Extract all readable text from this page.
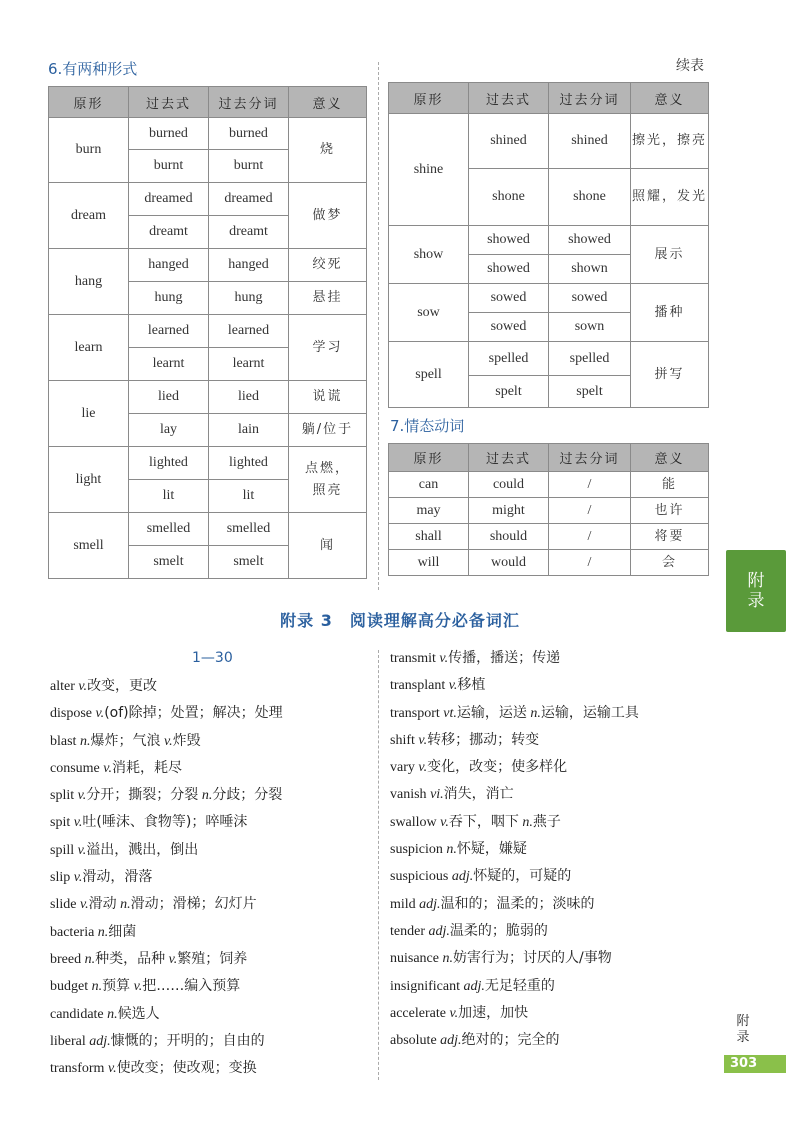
6.有两种形式	续表
原形	过去式	过去分词	意义
burn	burned	burned	烧
	burnt	burnt	
dream	dreamed	dreamed	做梦
	dreamt	dreamt	
hang	hanged	hanged	绞死
	hung	hung	悬挂
learn	learned	learned	学习
	learnt	learnt	
lie	lied	lied	说谎
	lay	lain	躺/位于
light	lighted	lighted	点燃，照亮
	lit	lit	
smell	smelled	smelled	闻
	smelt	smelt	
原形	过去式	过去分词	意义
shine	shined	shined	擦光，擦亮
	shone	shone	照耀，发光
show	showed	showed	展示
	showed	shown	
sow	sowed	sowed	播种
	sowed	sown	
spell	spelled	spelled	拼写
	spelt	spelt	
7.情态动词
原形	过去式	过去分词	意义
can	could	/	能
may	might	/	也许
shall	should	/	将要
will	would	/	会
附录
附录 3　阅读理解高分必备词汇
1—30
alter v.改变，更改
dispose v.(of)除掉；处置；解决；处理
blast n.爆炸；气浪 v.炸毁
consume v.消耗，耗尽
split v.分开；撕裂；分裂 n.分歧；分裂
spit v.吐(唾沫、食物等)；啐唾沫
spill v.溢出，溅出，倒出
slip v.滑动，滑落
slide v.滑动 n.滑动；滑梯；幻灯片
bacteria n.细菌
breed n.种类，品种 v.繁殖；饲养
budget n.预算 v.把……编入预算
candidate n.候选人
liberal adj.慷慨的；开明的；自由的
transform v.使改变；使改观；变换
transmit v.传播，播送；传递
transplant v.移植
transport vt.运输，运送 n.运输，运输工具
shift v.转移；挪动；转变
vary v.变化，改变；使多样化
vanish vi.消失，消亡
swallow v.吞下，咽下 n.燕子
suspicion n.怀疑，嫌疑
suspicious adj.怀疑的，可疑的
mild adj.温和的；温柔的；淡味的
tender adj.温柔的；脆弱的
nuisance n.妨害行为；讨厌的人/事物
insignificant adj.无足轻重的
accelerate v.加速，加快
absolute adj.绝对的；完全的
附录
303
